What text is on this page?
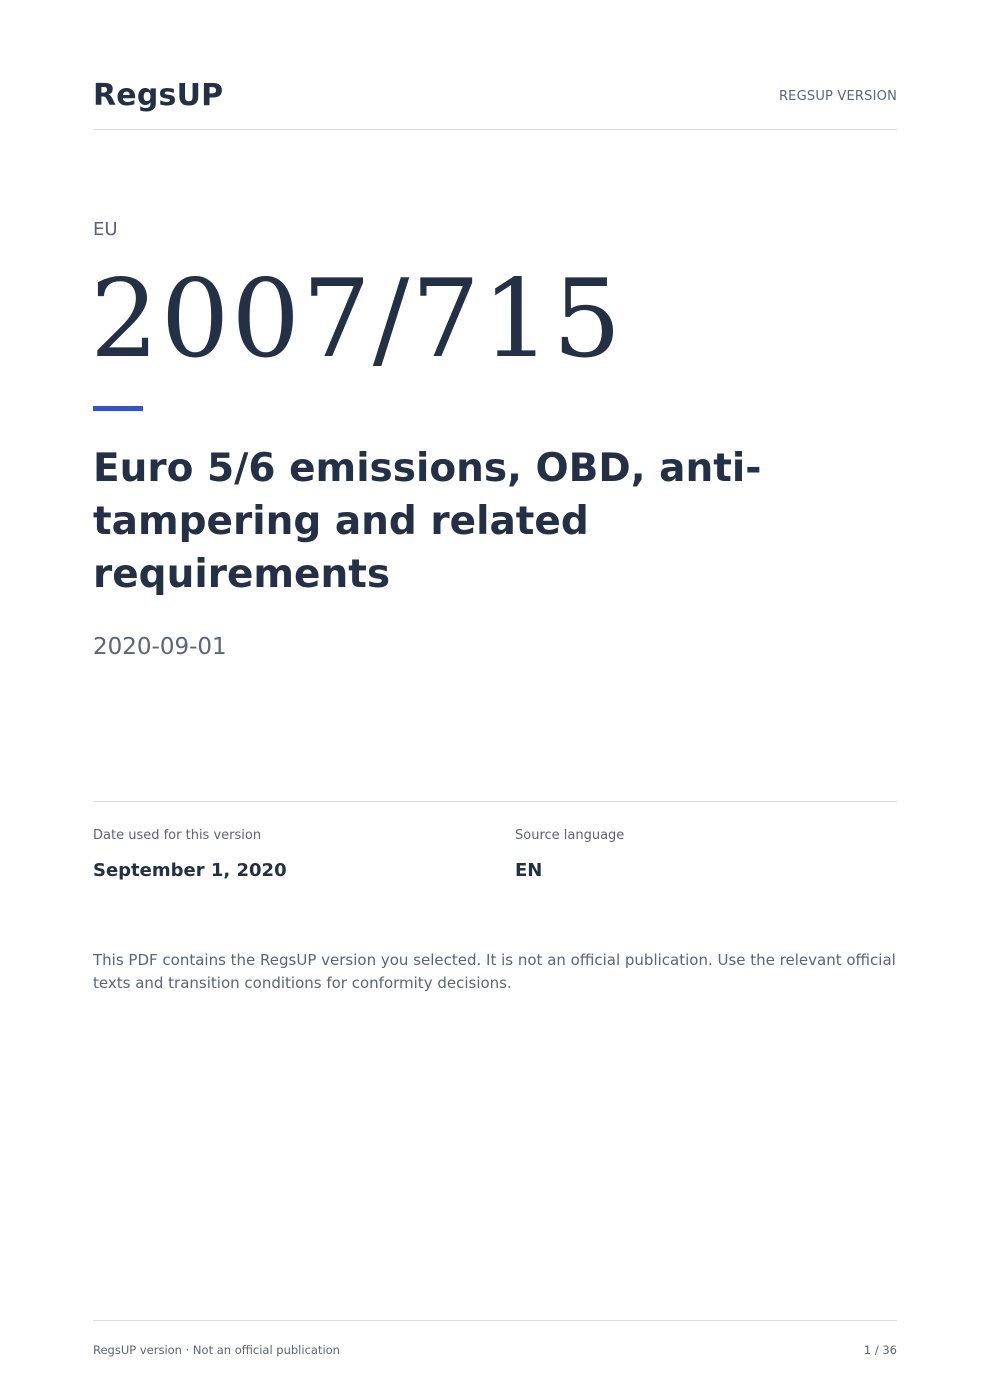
RegsUP	REGSUP VERSION
EU
2007/715
Euro 5/6 emissions, OBD, anti-tampering and related requirements
2020-09-01
Date used for this version
September 1, 2020
Source language
EN
This PDF contains the RegsUP version you selected. It is not an official publication. Use the relevant official texts and transition conditions for conformity decisions.
RegsUP version · Not an official publication	1 / 36
